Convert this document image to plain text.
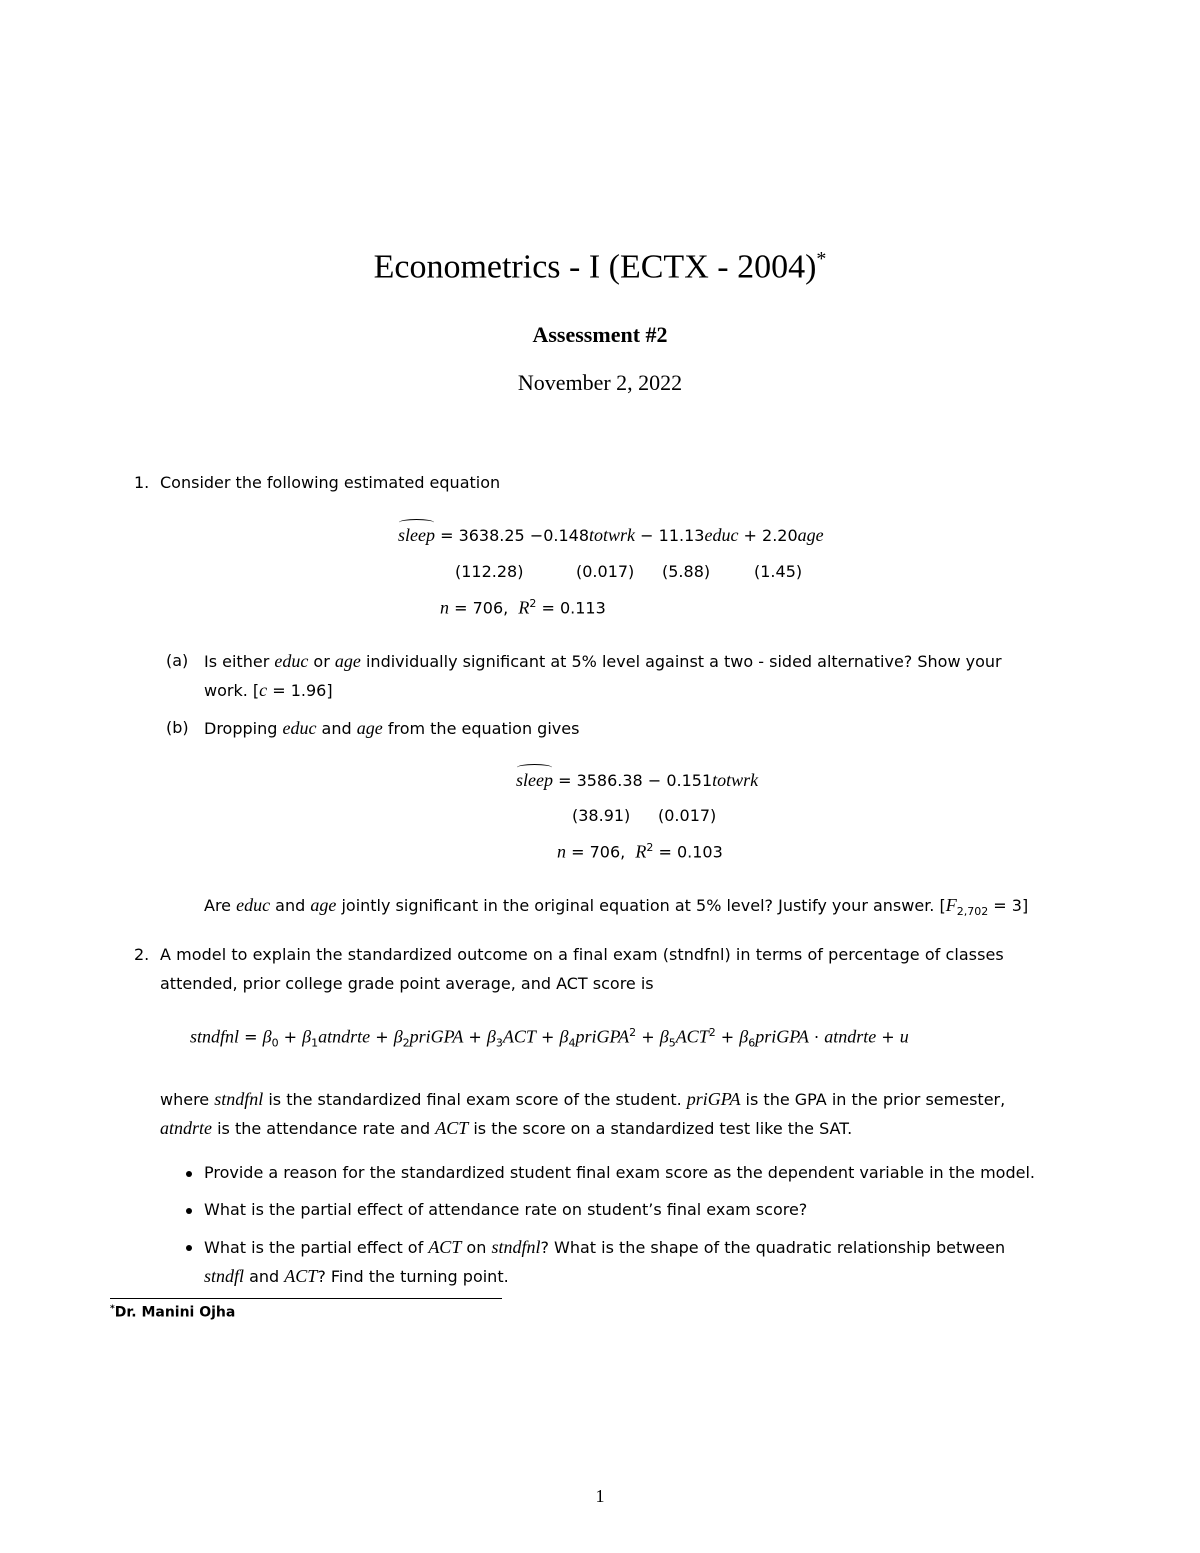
Econometrics - I (ECTX - 2004)*
Assessment #2
November 2, 2022
1. Consider the following estimated equation
sleep = 3638.25 −0.148totwrk − 11.13educ + 2.20age
(112.28)	(0.017) (5.88)	(1.45)
n = 706, $R^2 = 0.113$
(a) Is either educ or age individually significant at 5% level against a two - sided alternative? Show your
work. [c = 1.96]
(b) Dropping educ and age from the equation gives
sleep = 3586.38 − 0.151totwrk
(38.91) (0.017)
n = 706, $R^2 = 0.103$
Are educ and age jointly significant in the original equation at 5% level? Justify your answer. $[F_{2,702} = 3]$
2. A model to explain the standardized outcome on a final exam (stndfnl) in terms of percentage of classes
attended, prior college grade point average, and ACT score is
stndfnl = $\beta_0$ + $\beta_1atndrte$ + $\beta_2priGPA + \beta_3ACT$ + $\beta_4priGPA^2 + \beta_5ACT^2$ + $\beta_6priGPA$ · atndrte + u
where stndfnl is the standardized final exam score of the student. priGPA is the GPA in the prior semester,
atndrte is the attendance rate and ACT is the score on a standardized test like the SAT.
Provide a reason for the standardized student final exam score as the dependent variable in the model.
What is the partial effect of attendance rate on student’s final exam score?
What is the partial effect of ACT on stndfnl? What is the shape of the quadratic relationship between
stndfl and ACT? Find the turning point.
*Dr. Manini Ojha
1
